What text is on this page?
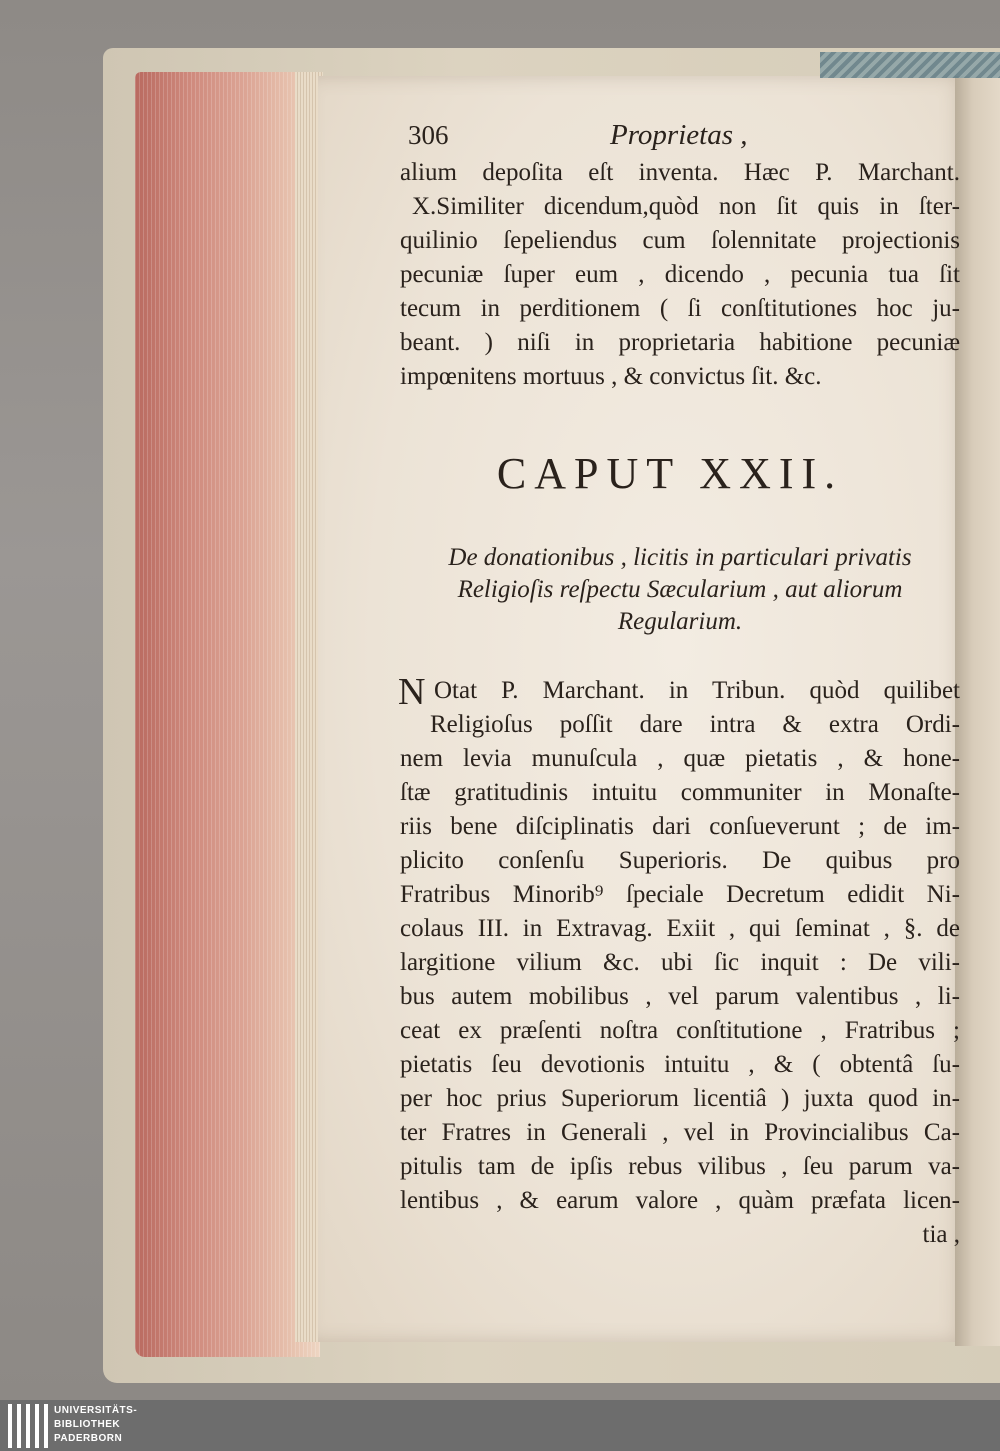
306	Proprietas ,
alium depoſita eſt inventa. Hæc P. Marchant.
X.Similiter dicendum,quòd non ſit quis in ſter-
quilinio ſepeliendus cum ſolennitate projectionis
pecuniæ ſuper eum , dicendo , pecunia tua ſit
tecum in perditionem ( ſi conſtitutiones hoc ju-
beant. ) niſi in proprietaria habitione pecuniæ
impœnitens mortuus , & convictus ſit. &c.
CAPUT XXII.
De donationibus , licitis in particulari privatis
Religioſis reſpectu Sæcularium , aut aliorum
Regularium.
N Otat P. Marchant. in Tribun. quòd quilibet
Religioſus poſſit dare intra & extra Ordi-
nem levia munuſcula , quæ pietatis , & hone-
ſtæ gratitudinis intuitu communiter in Monaſte-
riis bene diſciplinatis dari conſueverunt ; de im-
plicito conſenſu Superioris. De quibus pro
Fratribus Minorib⁹ ſpeciale Decretum edidit Ni-
colaus III. in Extravag. Exiit , qui ſeminat , §. de
largitione vilium &c. ubi ſic inquit : De vili-
bus autem mobilibus , vel parum valentibus , li-
ceat ex præſenti noſtra conſtitutione , Fratribus ;
pietatis ſeu devotionis intuitu , & ( obtentâ ſu-
per hoc prius Superiorum licentiâ ) juxta quod in-
ter Fratres in Generali , vel in Provincialibus Ca-
pitulis tam de ipſis rebus vilibus , ſeu parum va-
lentibus , & earum valore , quàm præfata licen-
tia ,
UNIVERSITÄTS-
BIBLIOTHEK
PADERBORN
